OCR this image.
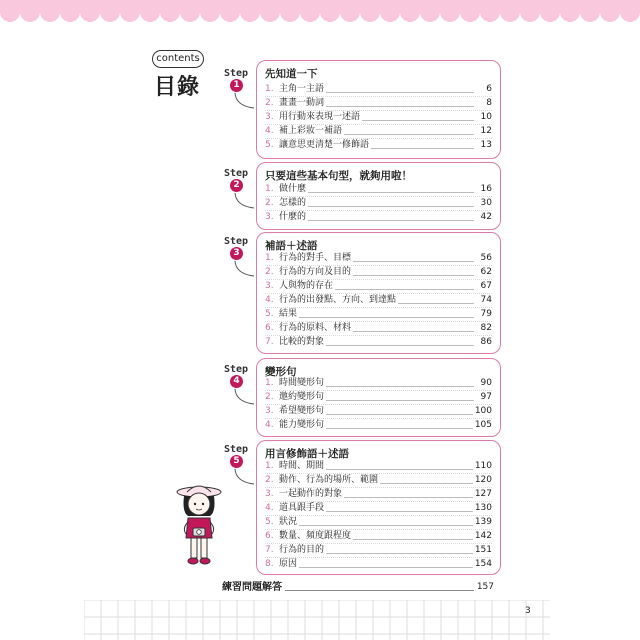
contents
目錄
Step
1
先知道一下
1. 主角一主語	6
2. 畫畫一動詞	8
3. 用行動來表現一述語	10
4. 補上彩妝一補語	12
5. 讓意思更清楚一修飾語	13
Step
2
只要這些基本句型，就夠用啦！
1. 做什麼	16
2. 怎樣的	30
3. 什麼的	42
Step
3
補語＋述語
1. 行為的對手、目標	56
2. 行為的方向及目的	62
3. 人與物的存在	67
4. 行為的出發點、方向、到達點	74
5. 結果	79
6. 行為的原料、材料	82
7. 比較的對象	86
Step
4
變形句
1. 時間變形句	90
2. 邀約變形句	97
3. 希望變形句	100
4. 能力變形句	105
Step
5
用言修飾語＋述語
1. 時間、期間	110
2. 動作、行為的場所、範圍	120
3. 一起動作的對象	127
4. 道具跟手段	130
5. 狀況	139
6. 數量、頻度跟程度	142
7. 行為的目的	151
8. 原因	154
練習問題解答	157
3
